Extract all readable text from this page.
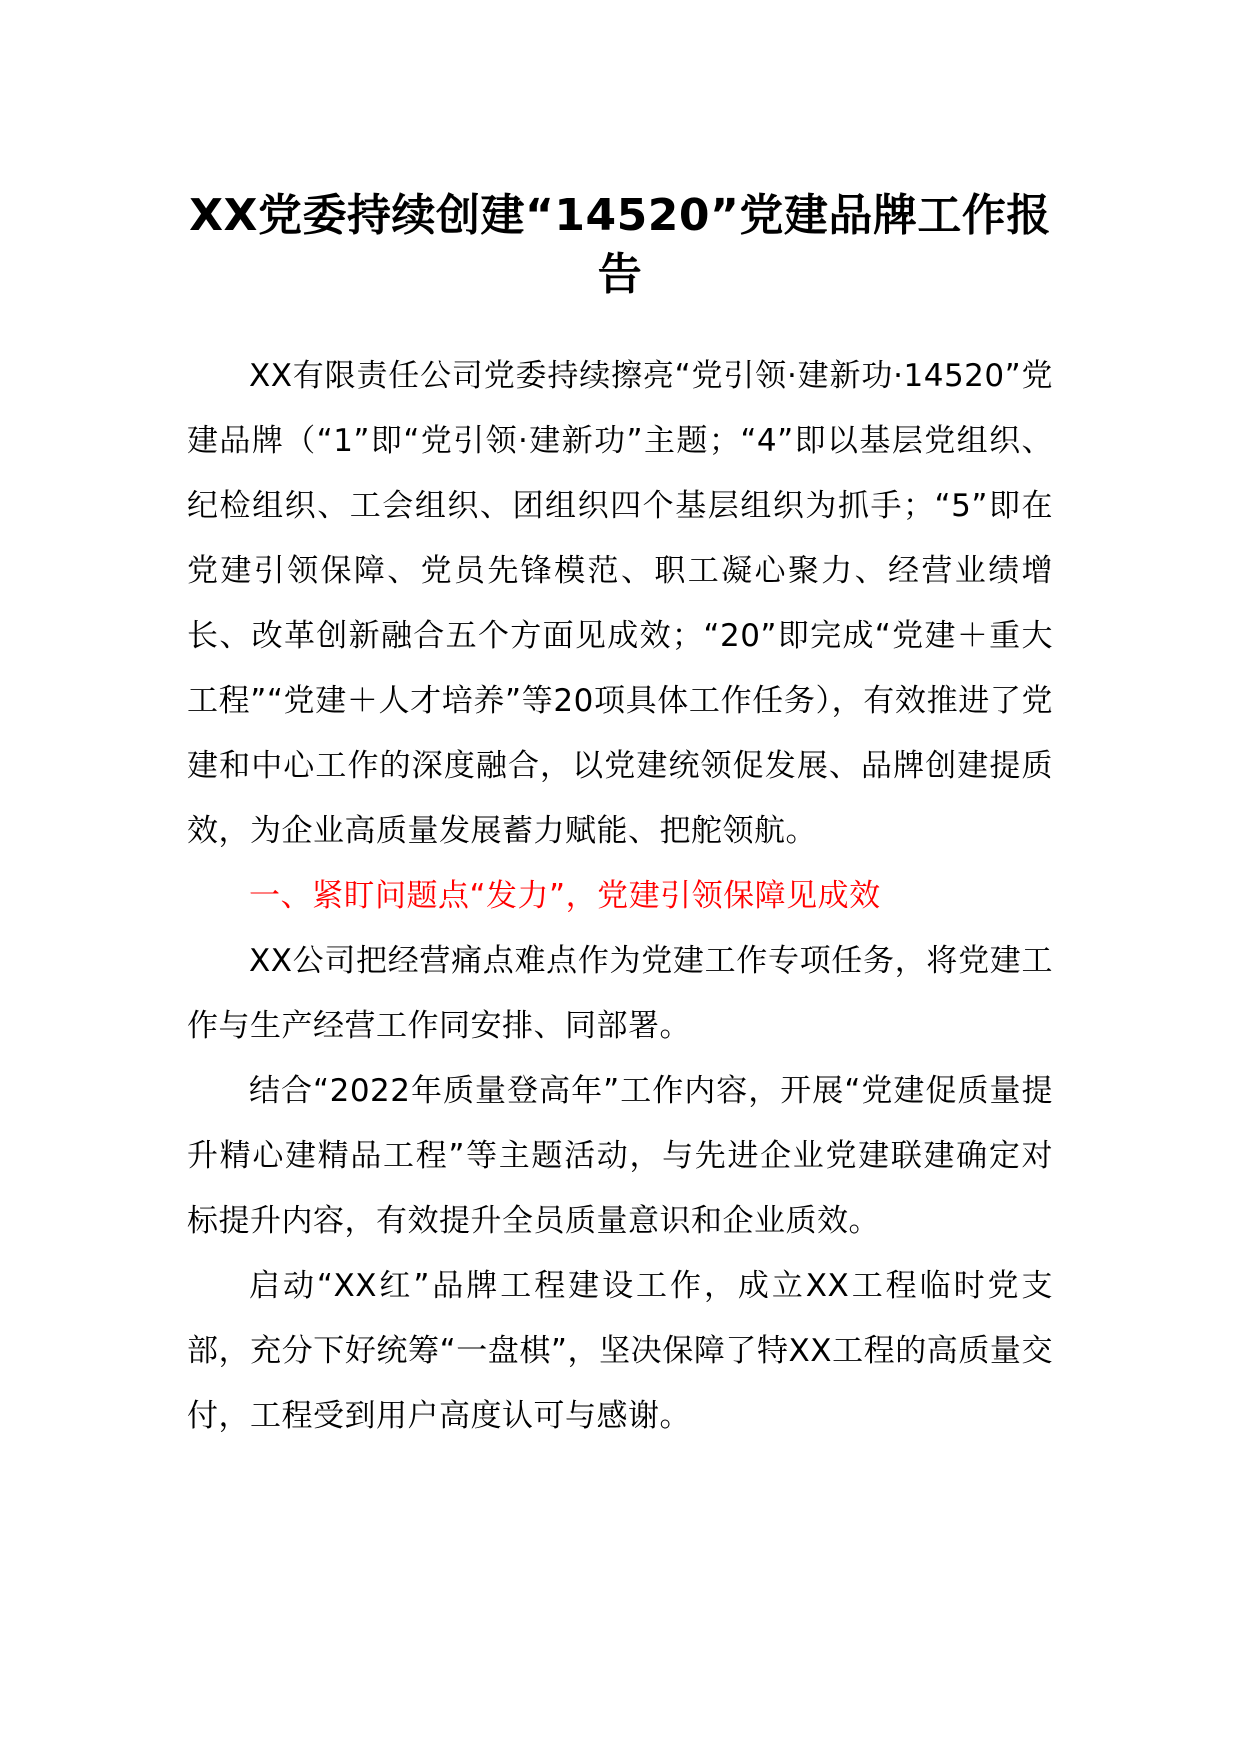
XX党委持续创建“14520”党建品牌工作报告

XX有限责任公司党委持续擦亮“党引领·建新功·14520”党建品牌（“1”即“党引领·建新功”主题；“4”即以基层党组织、纪检组织、工会组织、团组织四个基层组织为抓手；“5”即在党建引领保障、党员先锋模范、职工凝心聚力、经营业绩增长、改革创新融合五个方面见成效；“20”即完成“党建＋重大工程”“党建＋人才培养”等20项具体工作任务），有效推进了党建和中心工作的深度融合，以党建统领促发展、品牌创建提质效，为企业高质量发展蓄力赋能、把舵领航。

一、紧盯问题点“发力”，党建引领保障见成效

XX公司把经营痛点难点作为党建工作专项任务，将党建工作与生产经营工作同安排、同部署。

结合“2022年质量登高年”工作内容，开展“党建促质量提升精心建精品工程”等主题活动，与先进企业党建联建确定对标提升内容，有效提升全员质量意识和企业质效。

启动“XX红”品牌工程建设工作，成立XX工程临时党支部，充分下好统筹“一盘棋”，坚决保障了特XX工程的高质量交付，工程受到用户高度认可与感谢。
